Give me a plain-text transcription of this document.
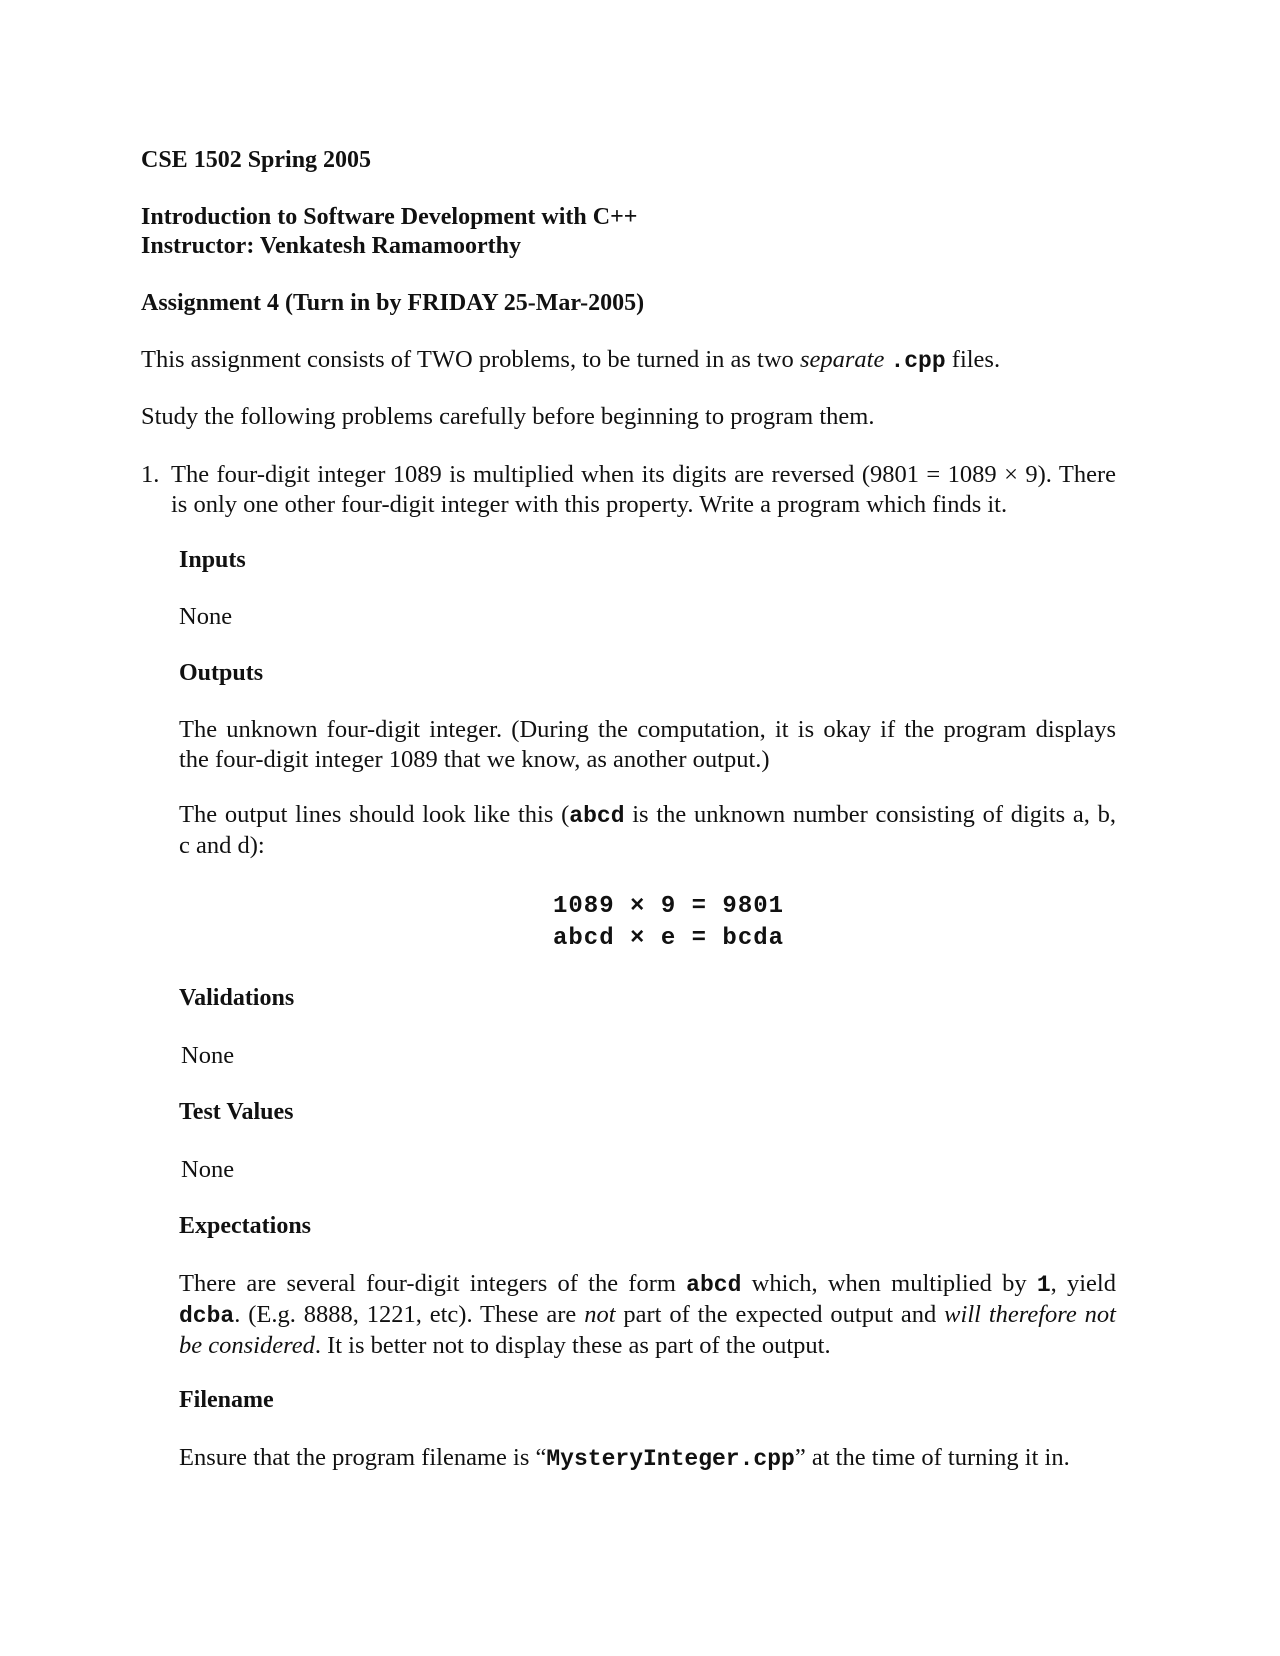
CSE 1502 Spring 2005

Introduction to Software Development with C++

Instructor: Venkatesh Ramamoorthy

Assignment 4 (Turn in by FRIDAY 25-Mar-2005)

This assignment consists of TWO problems, to be turned in as two separate .cpp files.

Study the following problems carefully before beginning to program them.

1. The four-digit integer 1089 is multiplied when its digits are reversed (9801 = 1089 × 9). There
is only one other four-digit integer with this property. Write a program which finds it.

Inputs

None

Outputs

The unknown four-digit integer. (During the computation, it is okay if the program displays
the four-digit integer 1089 that we know, as another output.)
The output lines should look like this (abcd is the unknown number consisting of digits a, b,
c and d):

1089 × 9 = 9801

abcd × e = bcda

Validations

None

Test Values

None

Expectations

There are several four-digit integers of the form abcd which, when multiplied by 1, yield
dcba. (E.g. 8888, 1221, etc). These are not part of the expected output and will therefore not
be considered. It is better not to display these as part of the output.

Filename

Ensure that the program filename is “MysteryInteger.cpp” at the time of turning it in.
